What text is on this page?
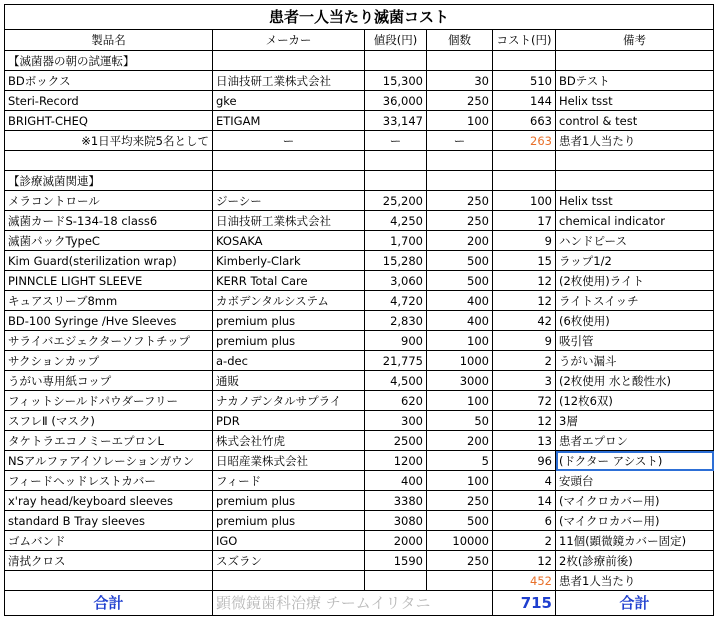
患者一人当たり滅菌コスト					
製品名	メーカー	値段(円)	個数	コスト(円)	備考
【滅菌器の朝の試運転】					
BDボックス	日油技研工業株式会社	15,300	30	510	BDテスト
Steri-Record	gke	36,000	250	144	Helix tsst
BRIGHT-CHEQ	ETIGAM	33,147	100	663	control & test
※1日平均来院5名として	ー	ー	ー	263	患者1人当たり

【診療滅菌関連】					
メラコントロール	ジーシー	25,200	250	100	Helix tsst
滅菌カードS-134-18 class6	日油技研工業株式会社	4,250	250	17	chemical indicator
滅菌パックTypeC	KOSAKA	1,700	200	9	ハンドピース
Kim Guard(sterilization wrap)	Kimberly-Clark	15,280	500	15	ラップ1/2
PINNCLE LIGHT SLEEVE	KERR Total Care	3,060	500	12	(2枚使用)ライト
キュアスリーブ8mm	カボデンタルシステム	4,720	400	12	ライトスイッチ
BD-100 Syringe /Hve Sleeves	premium plus	2,830	400	42	(6枚使用)
サライバエジェクターソフトチップ	premium plus	900	100	9	吸引管
サクションカップ	a-dec	21,775	1000	2	うがい漏斗
うがい専用紙コップ	通販	4,500	3000	3	(2枚使用 水と酸性水)
フィットシールドパウダーフリー	ナカノデンタルサプライ	620	100	72	(12枚6双)
スフレⅡ (マスク)	PDR	300	50	12	3層
タケトラエコノミーエプロンL	株式会社竹虎	2500	200	13	患者エプロン
NSアルファアイソレーションガウン	日昭産業株式会社	1200	5	96	(ドクター アシスト)
フィードヘッドレストカバー	フィード	400	100	4	安頭台
x'ray head/keyboard sleeves	premium plus	3380	250	14	(マイクロカバー用)
standard B Tray sleeves	premium plus	3080	500	6	(マイクロカバー用)
ゴムバンド	IGO	2000	10000	2	11個(顕微鏡カバー固定)
清拭クロス	スズラン	1590	250	12	2枚(診療前後)
				452	患者1人当たり
合計	顕微鏡歯科治療 チームイリタニ			715	合計
